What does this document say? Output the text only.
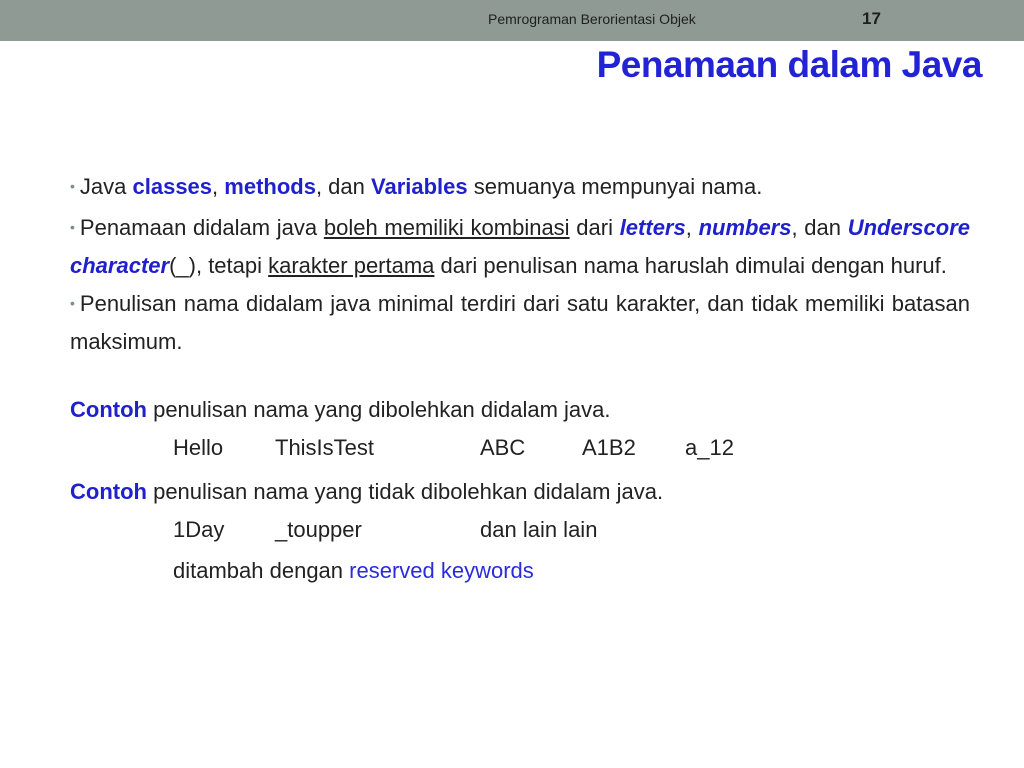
Pemrograman Berorientasi Objek	17
Penamaan dalam Java

• Java classes, methods, dan Variables semuanya mempunyai nama.

• Penamaan didalam java boleh memiliki kombinasi dari letters, numbers, dan Underscore character(_), tetapi karakter pertama dari penulisan nama haruslah dimulai dengan huruf.

• Penulisan nama didalam java minimal terdiri dari satu karakter, dan tidak memiliki batasan maksimum.

Contoh penulisan nama yang dibolehkan didalam java.

Hello ThisIsTest	ABC	A1B2 a_12

Contoh penulisan nama yang tidak dibolehkan didalam java.

1Day _toupper	dan lain lain
ditambah dengan reserved keywords
